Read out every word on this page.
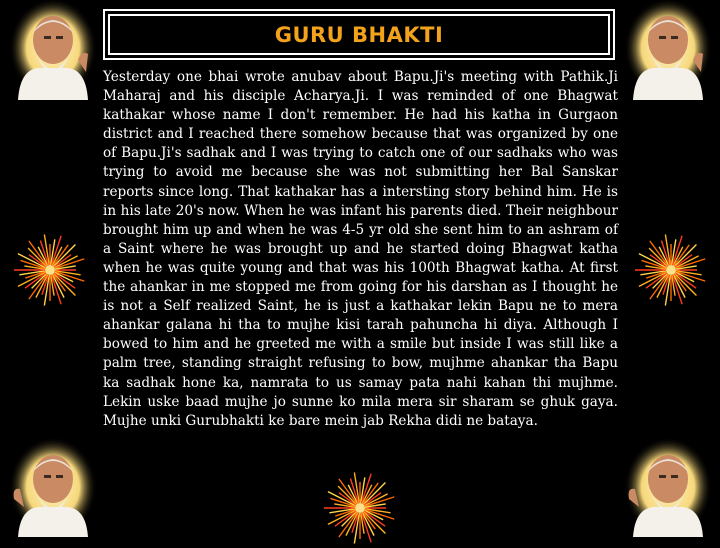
GURU BHAKTI

Yesterday one bhai wrote anubav about Bapu.Ji's meeting with Pathik.Ji Maharaj and his disciple Acharya.Ji. I was reminded of one Bhagwat kathakar whose name I don't remember. He had his katha in Gurgaon district and I reached there somehow because that was organized by one of Bapu.Ji's sadhak and I was trying to catch one of our sadhaks who was trying to avoid me because she was not submitting her Bal Sanskar reports since long. That kathakar has a intersting story behind him. He is in his late 20's now. When he was infant his parents died. Their neighbour brought him up and when he was 4-5 yr old she sent him to an ashram of a Saint where he was brought up and he started doing Bhagwat katha when he was quite young and that was his 100th Bhagwat katha. At first the ahankar in me stopped me from going for his darshan as I thought he is not a Self realized Saint, he is just a kathakar lekin Bapu ne to mera ahankar galana hi tha to mujhe kisi tarah pahuncha hi diya. Although I bowed to him and he greeted me with a smile but inside I was still like a palm tree, standing straight refusing to bow, mujhme ahankar tha Bapu ka sadhak hone ka, namrata to us samay pata nahi kahan thi mujhme. Lekin uske baad mujhe jo sunne ko mila mera sir sharam se ghuk gaya. Mujhe unki Gurubhakti ke bare mein jab Rekha didi ne bataya.
